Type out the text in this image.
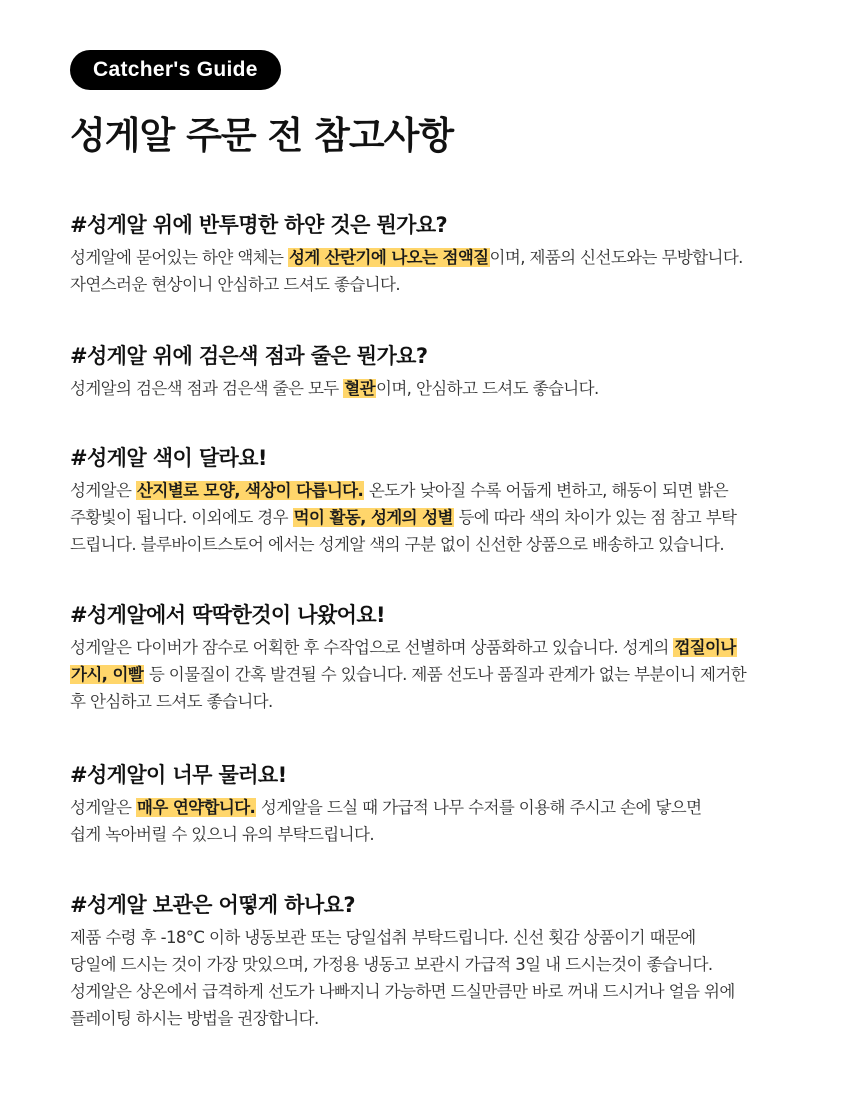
Catcher's Guide
성게알 주문 전 참고사항
#성게알 위에 반투명한 하얀 것은 뭔가요?

성게알에 묻어있는 하얀 액체는 성게 산란기에 나오는 점액질이며, 제품의 신선도와는 무방합니다.

자연스러운 현상이니 안심하고 드셔도 좋습니다.

#성게알 위에 검은색 점과 줄은 뭔가요?

성게알의 검은색 점과 검은색 줄은 모두 혈관이며, 안심하고 드셔도 좋습니다.

#성게알 색이 달라요!

성게알은 산지별로 모양, 색상이 다릅니다. 온도가 낮아질 수록 어둡게 변하고, 해동이 되면 밝은

주황빛이 됩니다. 이외에도 경우 먹이 활동, 성게의 성별 등에 따라 색의 차이가 있는 점 참고 부탁

드립니다. 블루바이트스토어 에서는 성게알 색의 구분 없이 신선한 상품으로 배송하고 있습니다.

#성게알에서 딱딱한것이 나왔어요!

성게알은 다이버가 잠수로 어획한 후 수작업으로 선별하며 상품화하고 있습니다. 성게의 껍질이나

가시, 이빨 등 이물질이 간혹 발견될 수 있습니다. 제품 선도나 품질과 관계가 없는 부분이니 제거한

후 안심하고 드셔도 좋습니다.

#성게알이 너무 물러요!

성게알은 매우 연약합니다. 성게알을 드실 때 가급적 나무 수저를 이용해 주시고 손에 닿으면

쉽게 녹아버릴 수 있으니 유의 부탁드립니다.

#성게알 보관은 어떻게 하나요?

제품 수령 후 -18°C 이하 냉동보관 또는 당일섭취 부탁드립니다. 신선 횟감 상품이기 때문에

당일에 드시는 것이 가장 맛있으며, 가정용 냉동고 보관시 가급적 3일 내 드시는것이 좋습니다.

성게알은 상온에서 급격하게 선도가 나빠지니 가능하면 드실만큼만 바로 꺼내 드시거나 얼음 위에

플레이팅 하시는 방법을 권장합니다.
